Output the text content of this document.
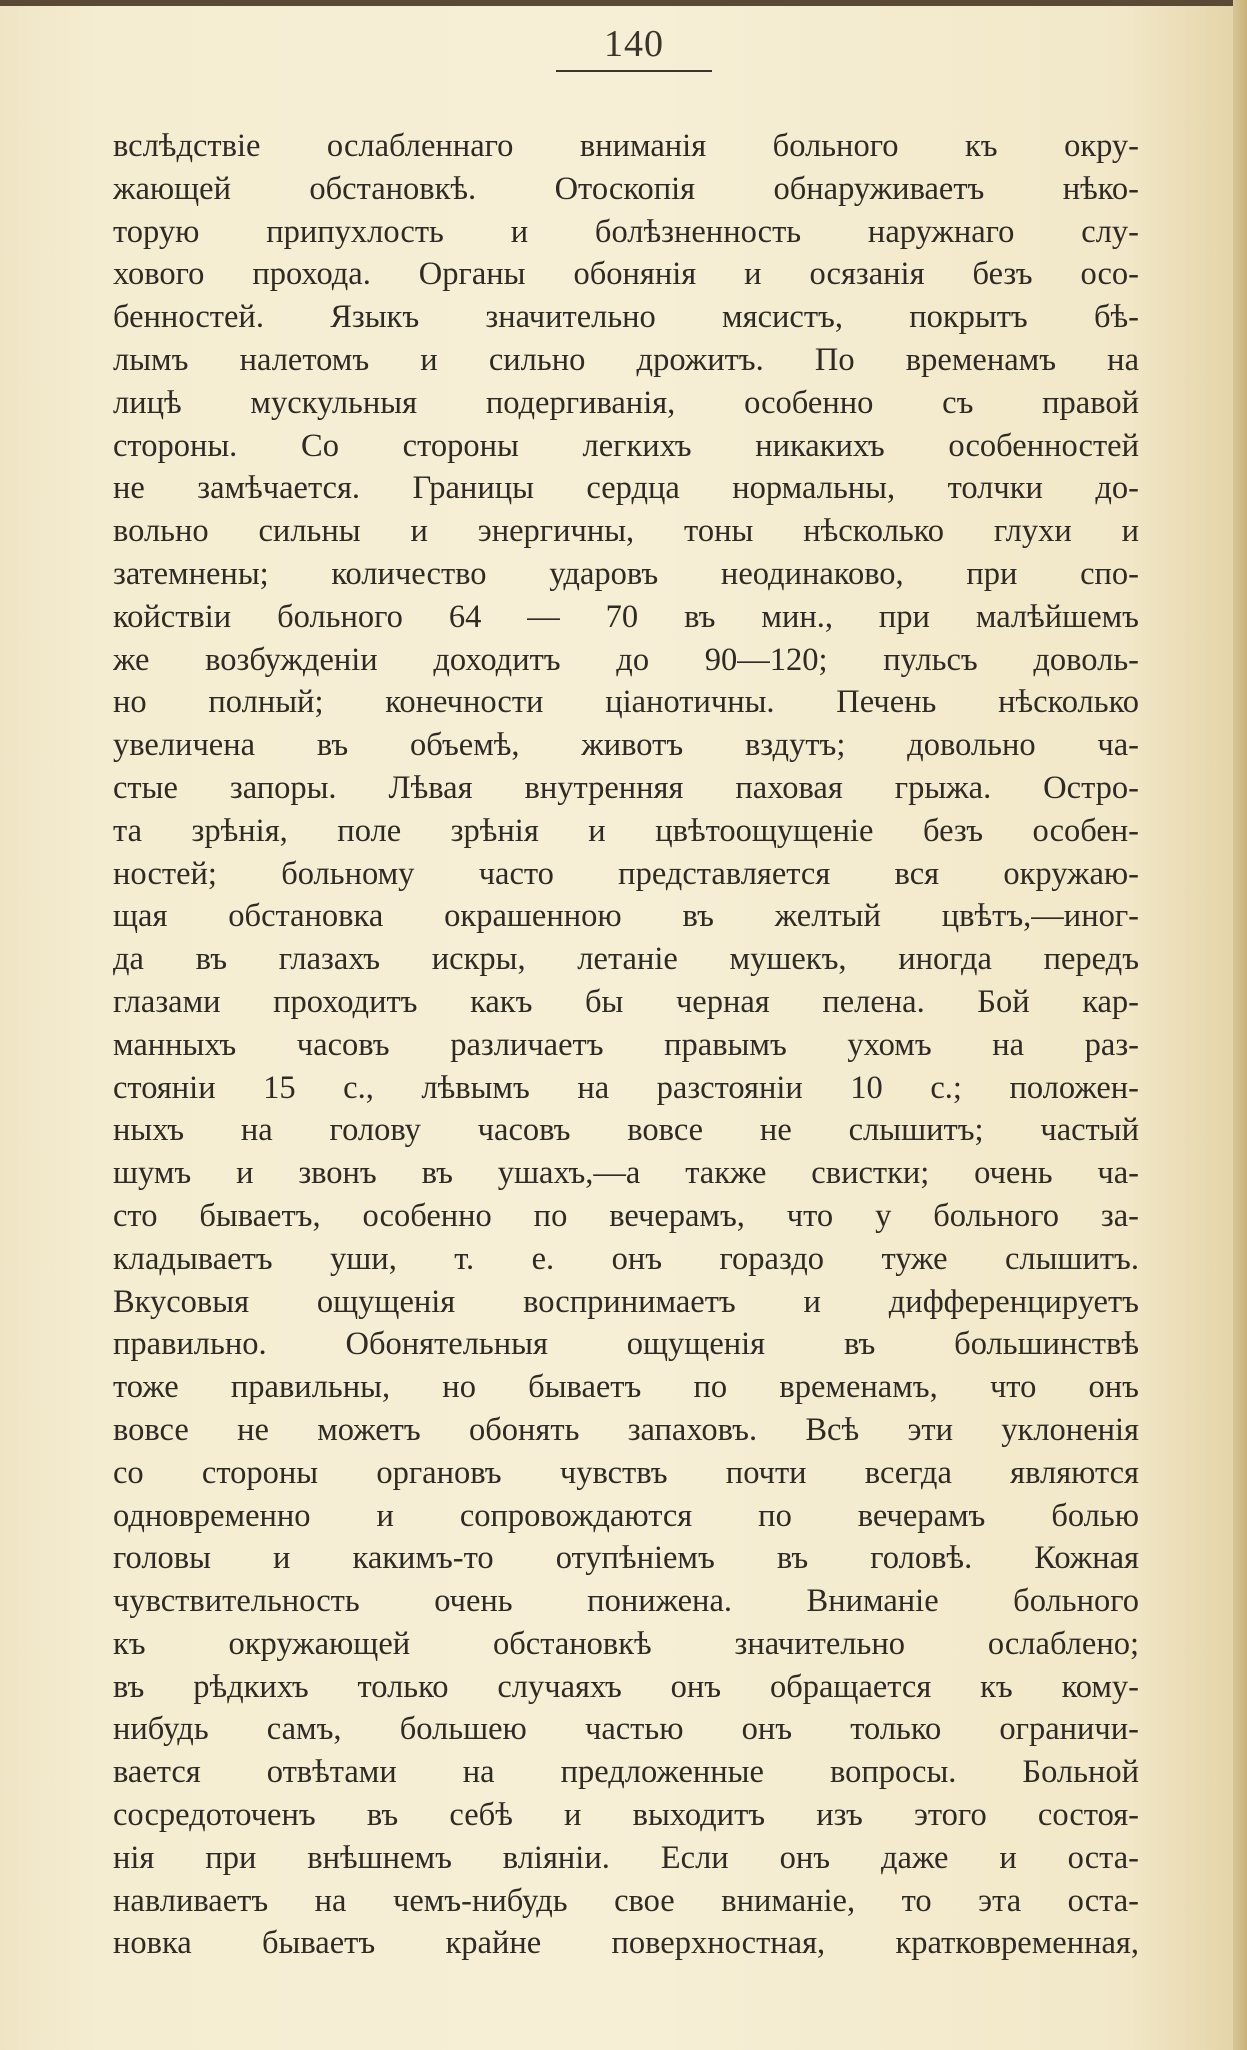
140
вслѣдствіе ослабленнаго вниманія больного къ окру-
жающей обстановкѣ. Отоскопія обнаруживаетъ нѣко-
торую припухлость и болѣзненность наружнаго слу-
хового прохода. Органы обонянія и осязанія безъ осо-
бенностей. Языкъ значительно мясистъ, покрытъ бѣ-
лымъ налетомъ и сильно дрожитъ. По временамъ на
лицѣ мускульныя подергиванія, особенно съ правой
стороны. Со стороны легкихъ никакихъ особенностей
не замѣчается. Границы сердца нормальны, толчки до-
вольно сильны и энергичны, тоны нѣсколько глухи и
затемнены; количество ударовъ неодинаково, при спо-
койствіи больного 64 — 70 въ мин., при малѣйшемъ
же возбужденіи доходитъ до 90—120; пульсъ доволь-
но полный; конечности ціанотичны. Печень нѣсколько
увеличена въ объемѣ, животъ вздутъ; довольно ча-
стые запоры. Лѣвая внутренняя паховая грыжа. Остро-
та зрѣнія, поле зрѣнія и цвѣтоощущеніе безъ особен-
ностей; больному часто представляется вся окружаю-
щая обстановка окрашенною въ желтый цвѣтъ,—иног-
да въ глазахъ искры, летаніе мушекъ, иногда передъ
глазами проходитъ какъ бы черная пелена. Бой кар-
манныхъ часовъ различаетъ правымъ ухомъ на раз-
стояніи 15 с., лѣвымъ на разстояніи 10 с.; положен-
ныхъ на голову часовъ вовсе не слышитъ; частый
шумъ и звонъ въ ушахъ,—а также свистки; очень ча-
сто бываетъ, особенно по вечерамъ, что у больного за-
кладываетъ уши, т. е. онъ гораздо туже слышитъ.
Вкусовыя ощущенія воспринимаетъ и дифференцируетъ
правильно. Обонятельныя ощущенія въ большинствѣ
тоже правильны, но бываетъ по временамъ, что онъ
вовсе не можетъ обонять запаховъ. Всѣ эти уклоненія
со стороны органовъ чувствъ почти всегда являются
одновременно и сопровождаются по вечерамъ болью
головы и какимъ-то отупѣніемъ въ головѣ. Кожная
чувствительность очень понижена. Вниманіе больного
къ окружающей обстановкѣ значительно ослаблено;
въ рѣдкихъ только случаяхъ онъ обращается къ кому-
нибудь самъ, большею частью онъ только ограничи-
вается отвѣтами на предложенные вопросы. Больной
сосредоточенъ въ себѣ и выходитъ изъ этого состоя-
нія при внѣшнемъ вліяніи. Если онъ даже и оста-
навливаетъ на чемъ-нибудь свое вниманіе, то эта оста-
новка бываетъ крайне поверхностная, кратковременная,
